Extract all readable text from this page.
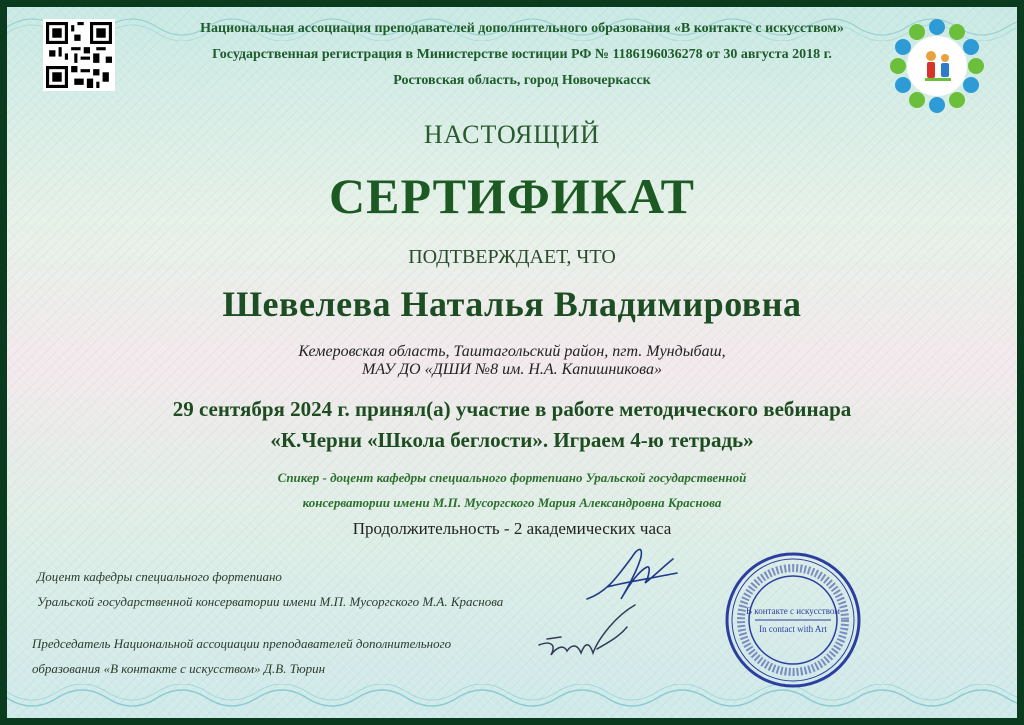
Национальная ассоциация преподавателей дополнительного образования «В контакте с искусством»
Государственная регистрация в Министерстве юстиции РФ № 1186196036278 от 30 августа 2018 г.
Ростовская область, город Новочеркасск
НАСТОЯЩИЙ
СЕРТИФИКАТ
ПОДТВЕРЖДАЕТ, ЧТО
Шевелева Наталья Владимировна
Кемеровская область, Таштагольский район, пгт. Мундыбаш,
МАУ ДО «ДШИ №8 им. Н.А. Капишникова»
29 сентября 2024 г. принял(а) участие в работе методического вебинара
«К.Черни «Школа беглости». Играем 4-ю тетрадь»
Спикер - доцент кафедры специального фортепиано Уральской государственной
консерватории имени М.П. Мусоргского Мария Александровна Краснова
Продолжительность - 2 академических часа
Доцент кафедры специального фортепиано
Уральской государственной консерватории имени М.П. Мусоргского М.А. Краснова
Председатель Национальной ассоциации преподавателей дополнительного
образования «В контакте с искусством» Д.В. Тюрин
В контакте с искусством
In contact with Art
